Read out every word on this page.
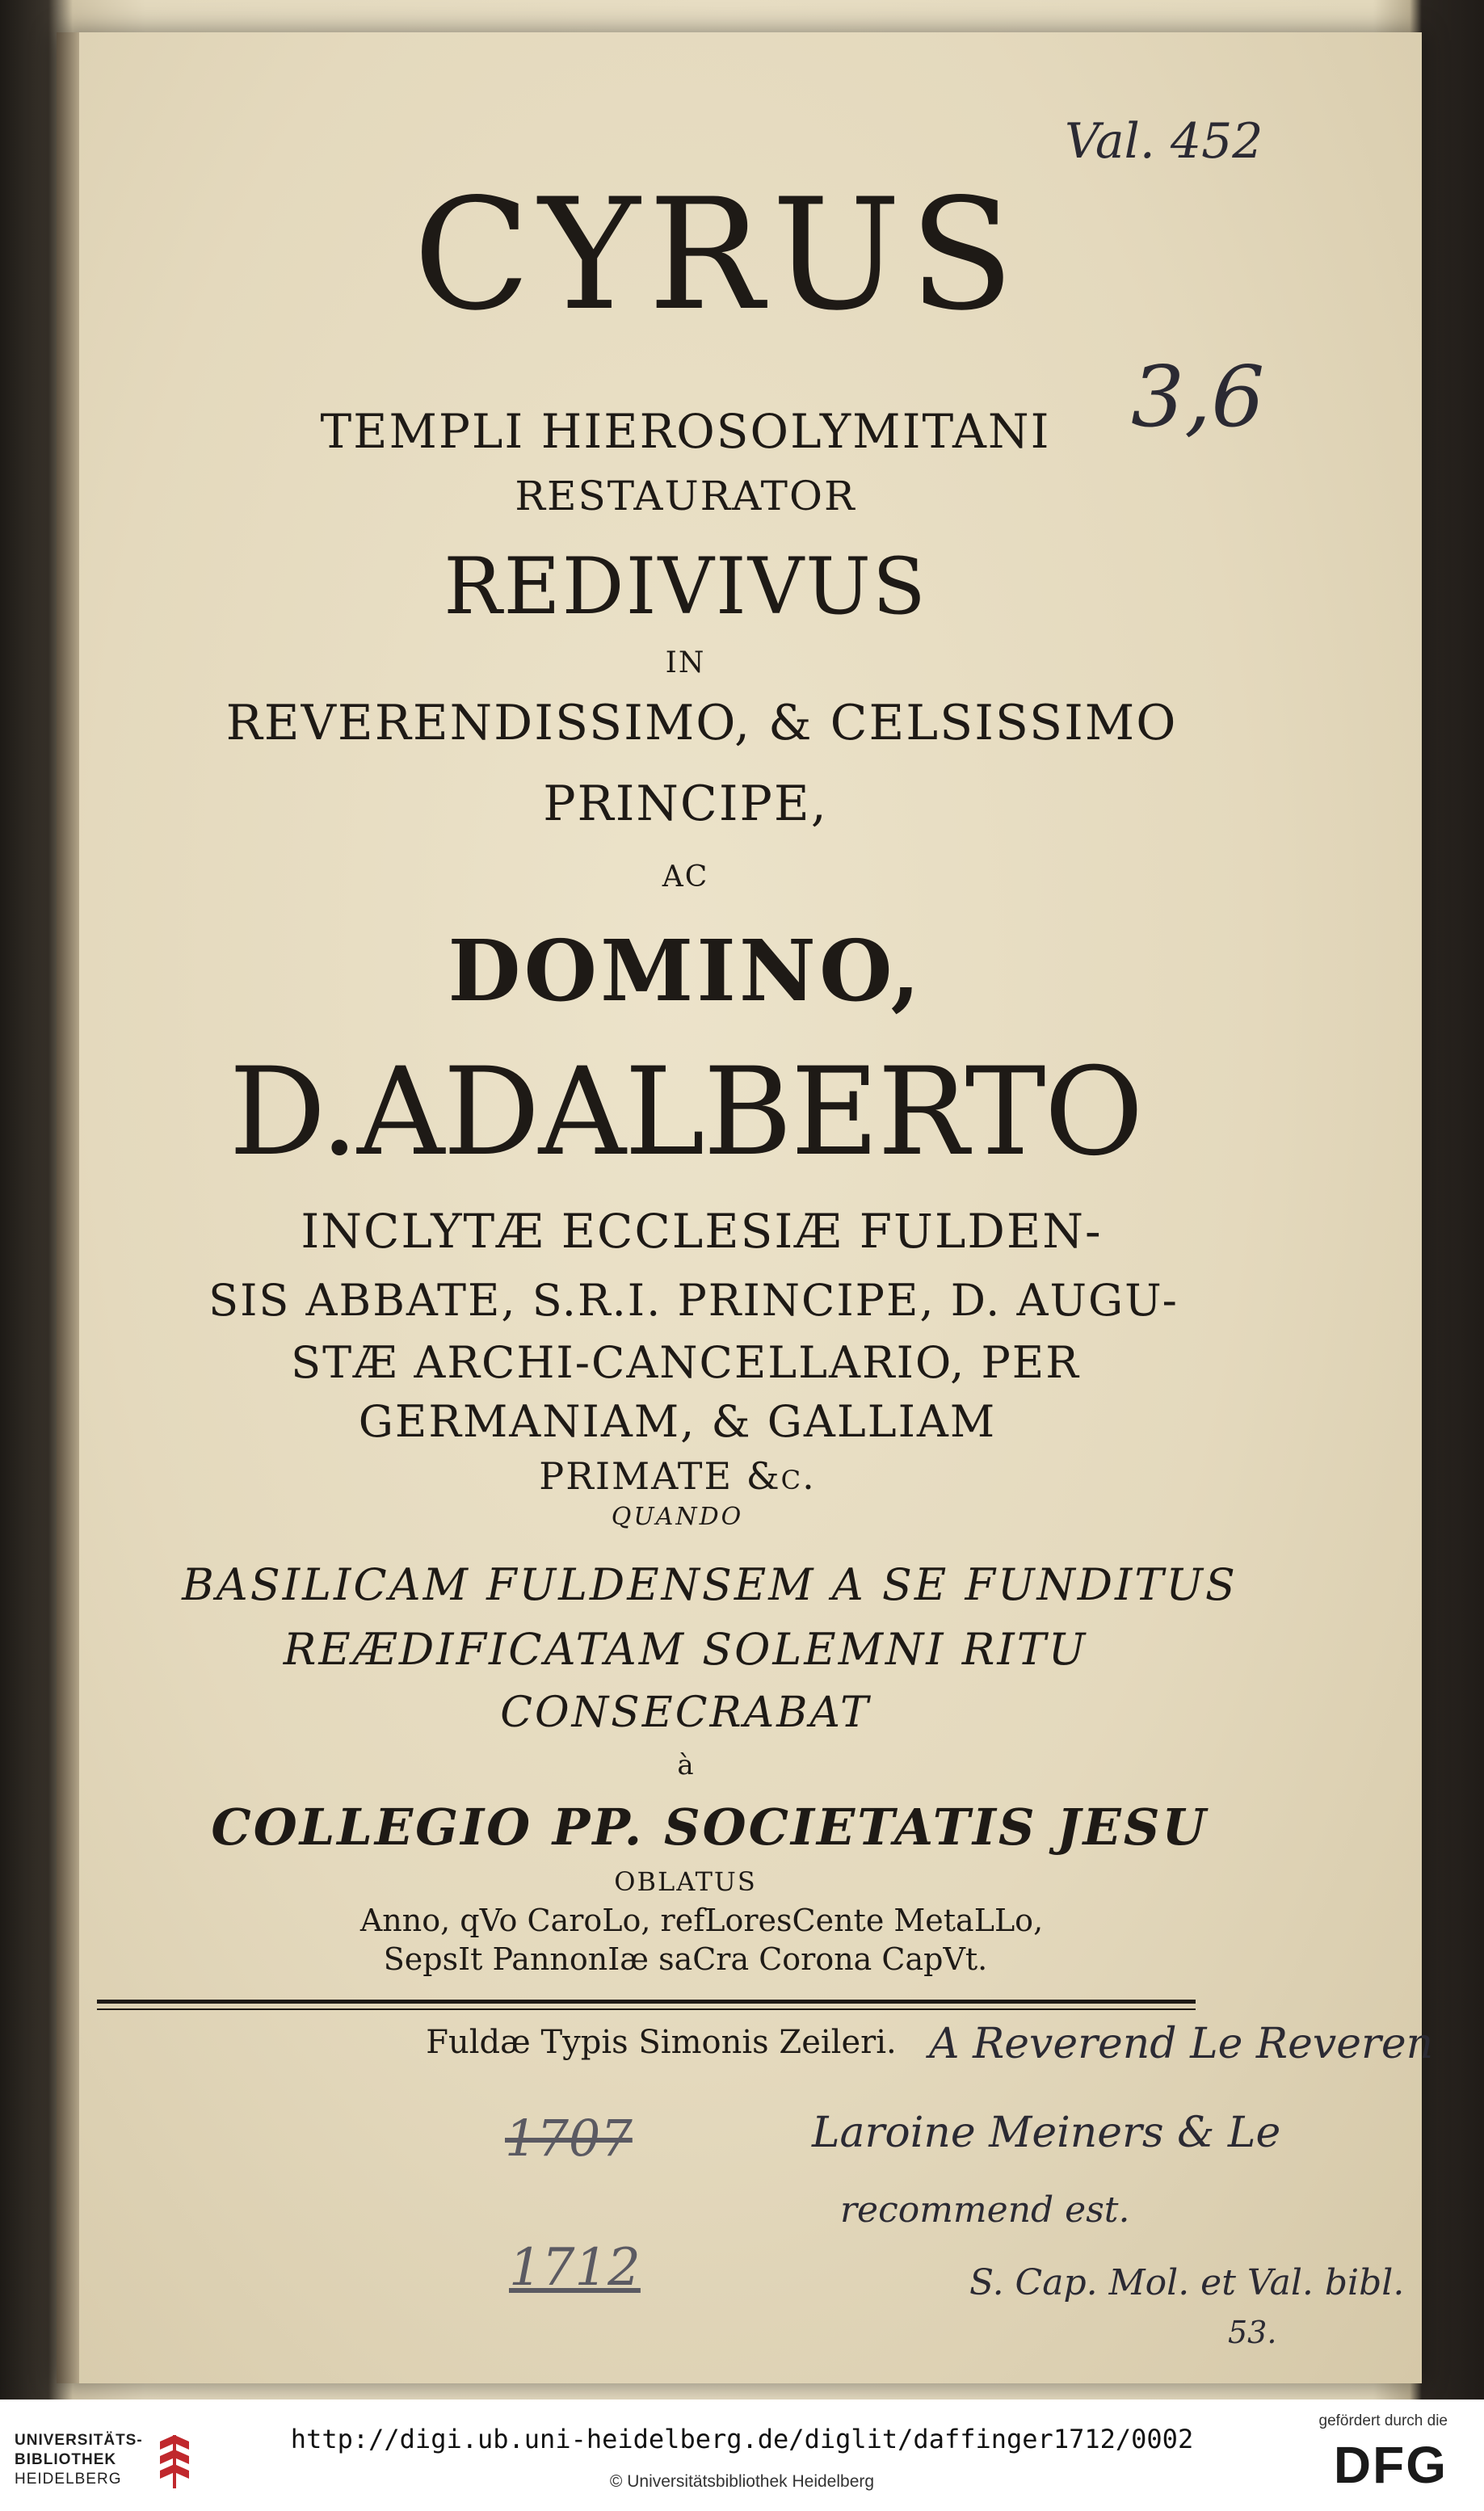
Val. 452
3,6
CYRUS
TEMPLI HIEROSOLYMITANI
RESTAURATOR
REDIVIVUS
IN
REVERENDISSIMO, & CELSISSIMO
PRINCIPE,
AC
DOMINO,
D.ADALBERTO
INCLYTÆ ECCLESIÆ FULDEN-
SIS ABBATE, S.R.I. PRINCIPE, D. AUGU-
STÆ ARCHI-CANCELLARIO, PER
GERMANIAM, & GALLIAM
PRIMATE &c.
QUANDO
BASILICAM FULDENSEM A SE FUNDITUS
REÆDIFICATAM SOLEMNI RITU
CONSECRABAT
à
COLLEGIO PP. SOCIETATIS JESU
OBLATUS
Anno, qVo CaroLo, refLoresCente MetaLLo,
SepsIt PannonIæ saCra Corona CapVt.
Fuldæ Typis Simonis Zeileri. A Reverend Le Reveren
Laroine Meiners & Le
recommend est.
S. Cap. Mol. et Val. bibl.
53.
1707
1712
UNIVERSITÄTS-
BIBLIOTHEK
HEIDELBERG
http://digi.ub.uni-heidelberg.de/diglit/daffinger1712/0002
© Universitätsbibliothek Heidelberg
gefördert durch die
DFG
